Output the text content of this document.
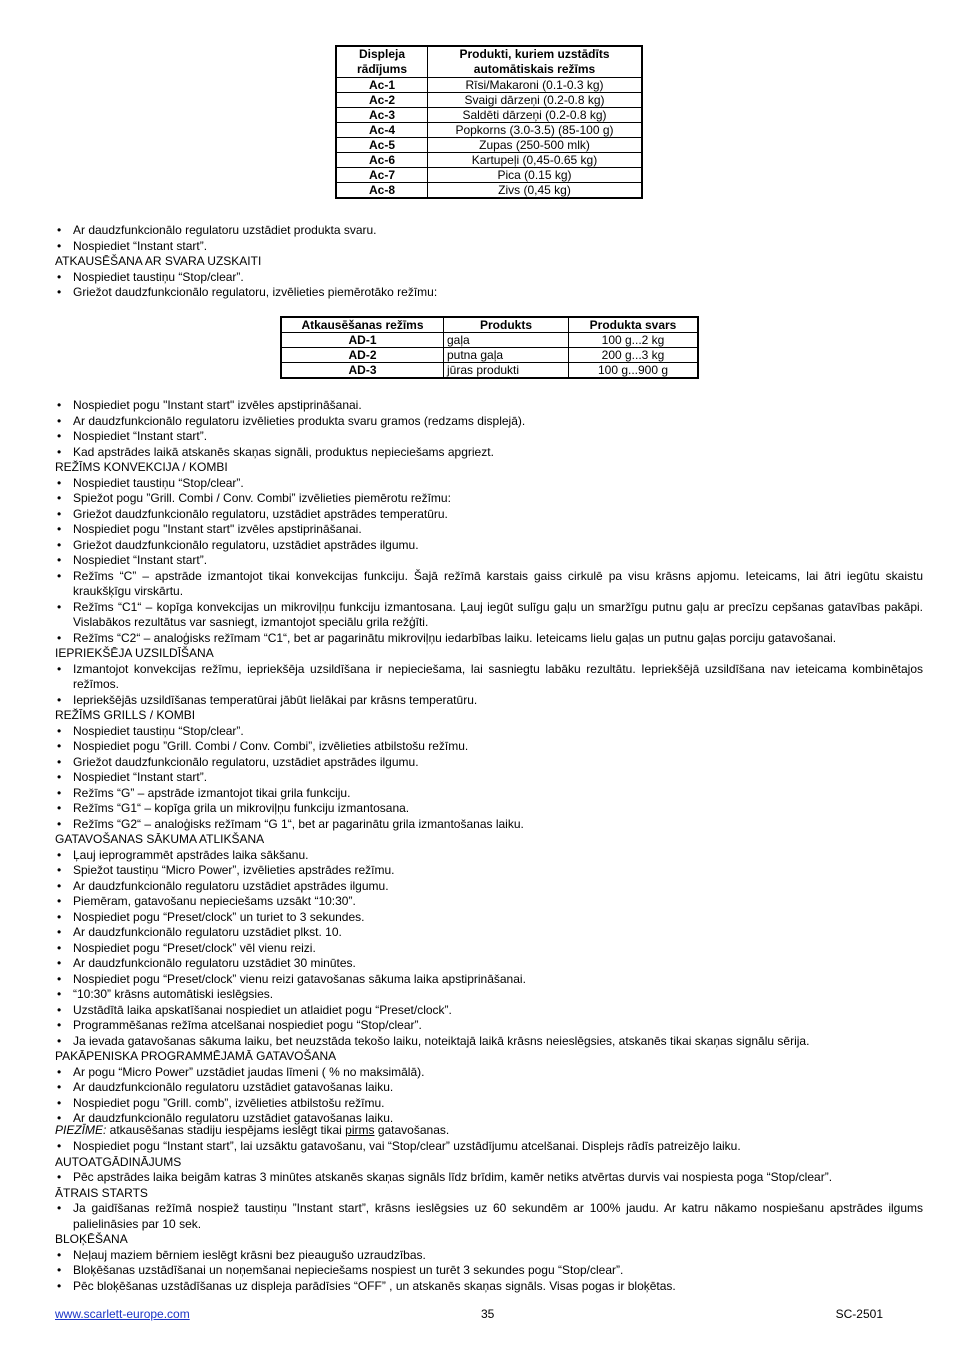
Displeja rādījums	Produkti, kuriem uzstādīts automātiskais režīms
Ac-1	Rīsi/Makaroni (0.1-0.3 kg)
Ac-2	Svaigi dārzeņi (0.2-0.8 kg)
Ac-3	Saldēti dārzeņi (0.2-0.8 kg)
Ac-4	Popkorns (3.0-3.5) (85-100 g)
Ac-5	Zupas (250-500 mlk)
Ac-6	Kartupeļi (0,45-0.65 kg)
Ac-7	Pica (0.15 kg)
Ac-8	Zivs (0,45 kg)
• Ar daudzfunkcionālo regulatoru uzstādiet produkta svaru.
• Nospiediet “Instant start”.
ATKAUSĒŠANA AR SVARA UZSKAITI
• Nospiediet taustiņu “Stop/clear”.
• Griežot daudzfunkcionālo regulatoru, izvēlieties piemērotāko režīmu:
Atkausēšanas režīms	Produkts	Produkta svars
AD-1	gaļa	100 g...2 kg
AD-2	putna gaļa	200 g...3 kg
AD-3	jūras produkti	100 g...900 g
• Nospiediet pogu "Instant start" izvēles apstiprināšanai.
• Ar daudzfunkcionālo regulatoru izvēlieties produkta svaru gramos (redzams displejā).
• Nospiediet “Instant start”.
• Kad apstrādes laikā atskanēs skaņas signāli, produktus nepieciešams apgriezt.
REŽĪMS KONVEKCIJA / KOMBI
• Nospiediet taustiņu “Stop/clear”.
• Spiežot pogu ”Grill. Combi / Conv. Combi” izvēlieties piemērotu režīmu:
• Griežot daudzfunkcionālo regulatoru, uzstādiet apstrādes temperatūru.
• Nospiediet pogu "Instant start" izvēles apstiprināšanai.
• Griežot daudzfunkcionālo regulatoru, uzstādiet apstrādes ilgumu.
• Nospiediet “Instant start”.
• Režīms “C” – apstrāde izmantojot tikai konvekcijas funkciju. Šajā režīmā karstais gaiss cirkulē pa visu krāsns apjomu. Ieteicams, lai ātri iegūtu skaistu kraukšķīgu virskārtu.
• Režīms “C1“ – kopīga konvekcijas un mikroviļņu funkciju izmantosana. Ļauj iegūt sulīgu gaļu un smaržīgu putnu gaļu ar precīzu cepšanas gatavības pakāpi. Vislabākos rezultātus var sasniegt, izmantojot speciālu grila režģīti.
• Režīms “C2“ – analoģisks režīmam “C1“, bet ar pagarinātu mikroviļņu iedarbības laiku. Ieteicams lielu gaļas un putnu gaļas porciju gatavošanai.
IEPRIEKŠĒJA UZSILDĪŠANA
• Izmantojot konvekcijas režīmu, iepriekšēja uzsildīšana ir nepieciešama, lai sasniegtu labāku rezultātu. Iepriekšējā uzsildīšana nav ieteicama kombinētajos režīmos.
• Iepriekšējās uzsildīšanas temperatūrai jābūt lielākai par krāsns temperatūru.
REŽĪMS GRILLS / KOMBI
• Nospiediet taustiņu “Stop/clear”.
• Nospiediet pogu ”Grill. Combi / Conv. Combi”, izvēlieties atbilstošu režīmu.
• Griežot daudzfunkcionālo regulatoru, uzstādiet apstrādes ilgumu.
• Nospiediet “Instant start”.
• Režīms “G” – apstrāde izmantojot tikai grila funkciju.
• Režīms “G1“ – kopīga grila un mikroviļņu funkciju izmantosana.
• Režīms “G2“ – analoģisks režīmam “G 1“, bet ar pagarinātu grila izmantošanas laiku.
GATAVOŠANAS SĀKUMA ATLIKŠANA
• Ļauj ieprogrammēt apstrādes laika sākšanu.
• Spiežot taustiņu “Micro Power”, izvēlieties apstrādes režīmu.
• Ar daudzfunkcionālo regulatoru uzstādiet apstrādes ilgumu.
• Piemēram, gatavošanu nepieciešams uzsākt “10:30”.
• Nospiediet pogu “Preset/clock” un turiet to 3 sekundes.
• Ar daudzfunkcionālo regulatoru uzstādiet plkst. 10.
• Nospiediet pogu “Preset/clock” vēl vienu reizi.
• Ar daudzfunkcionālo regulatoru uzstādiet 30 minūtes.
• Nospiediet pogu “Preset/clock” vienu reizi gatavošanas sākuma laika apstiprināšanai.
• “10:30” krāsns automātiski ieslēgsies.
• Uzstādītā laika apskatīšanai nospiediet un atlaidiet pogu “Preset/clock”.
• Programmēšanas režīma atcelšanai nospiediet pogu “Stop/clear”.
• Ja ievada gatavošanas sākuma laiku, bet neuzstāda tekošo laiku, noteiktajā laikā krāsns neieslēgsies, atskanēs tikai skaņas signālu sērija.
PAKĀPENISKA PROGRAMMĒJAMĀ GATAVOŠANA
• Ar pogu “Micro Power” uzstādiet jaudas līmeni ( % no maksimālā).
• Ar daudzfunkcionālo regulatoru uzstādiet gatavošanas laiku.
• Nospiediet pogu ”Grill. comb”, izvēlieties atbilstošu režīmu.
• Ar daudzfunkcionālo regulatoru uzstādiet gatavošanas laiku.
PIEZĪME: atkausēšanas stadiju iespējams ieslēgt tikai pirms gatavošanas.
• Nospiediet pogu “Instant start”, lai uzsāktu gatavošanu, vai “Stop/clear” uzstādījumu atcelšanai. Displejs rādīs patreizējo laiku.
AUTOATGĀDINĀJUMS
• Pēc apstrādes laika beigām katras 3 minūtes atskanēs skaņas signāls līdz brīdim, kamēr netiks atvērtas durvis vai nospiesta poga “Stop/clear”.
ĀTRAIS STARTS
• Ja gaidīšanas režīmā nospiež taustiņu ”Instant start”, krāsns ieslēgsies uz 60 sekundēm ar 100% jaudu. Ar katru nākamo nospiešanu apstrādes ilgums palielināsies par 10 sek.
BLOĶĒŠANA
• Neļauj maziem bērniem ieslēgt krāsni bez pieaugušo uzraudzības.
• Bloķēšanas uzstādīšanai un noņemšanai nepieciešams nospiest un turēt 3 sekundes pogu “Stop/clear”.
• Pēc bloķēšanas uzstādīšanas uz displeja parādīsies “OFF” , un atskanēs skaņas signāls. Visas pogas ir bloķētas.
www.scarlett-europe.com	35	SC-2501
